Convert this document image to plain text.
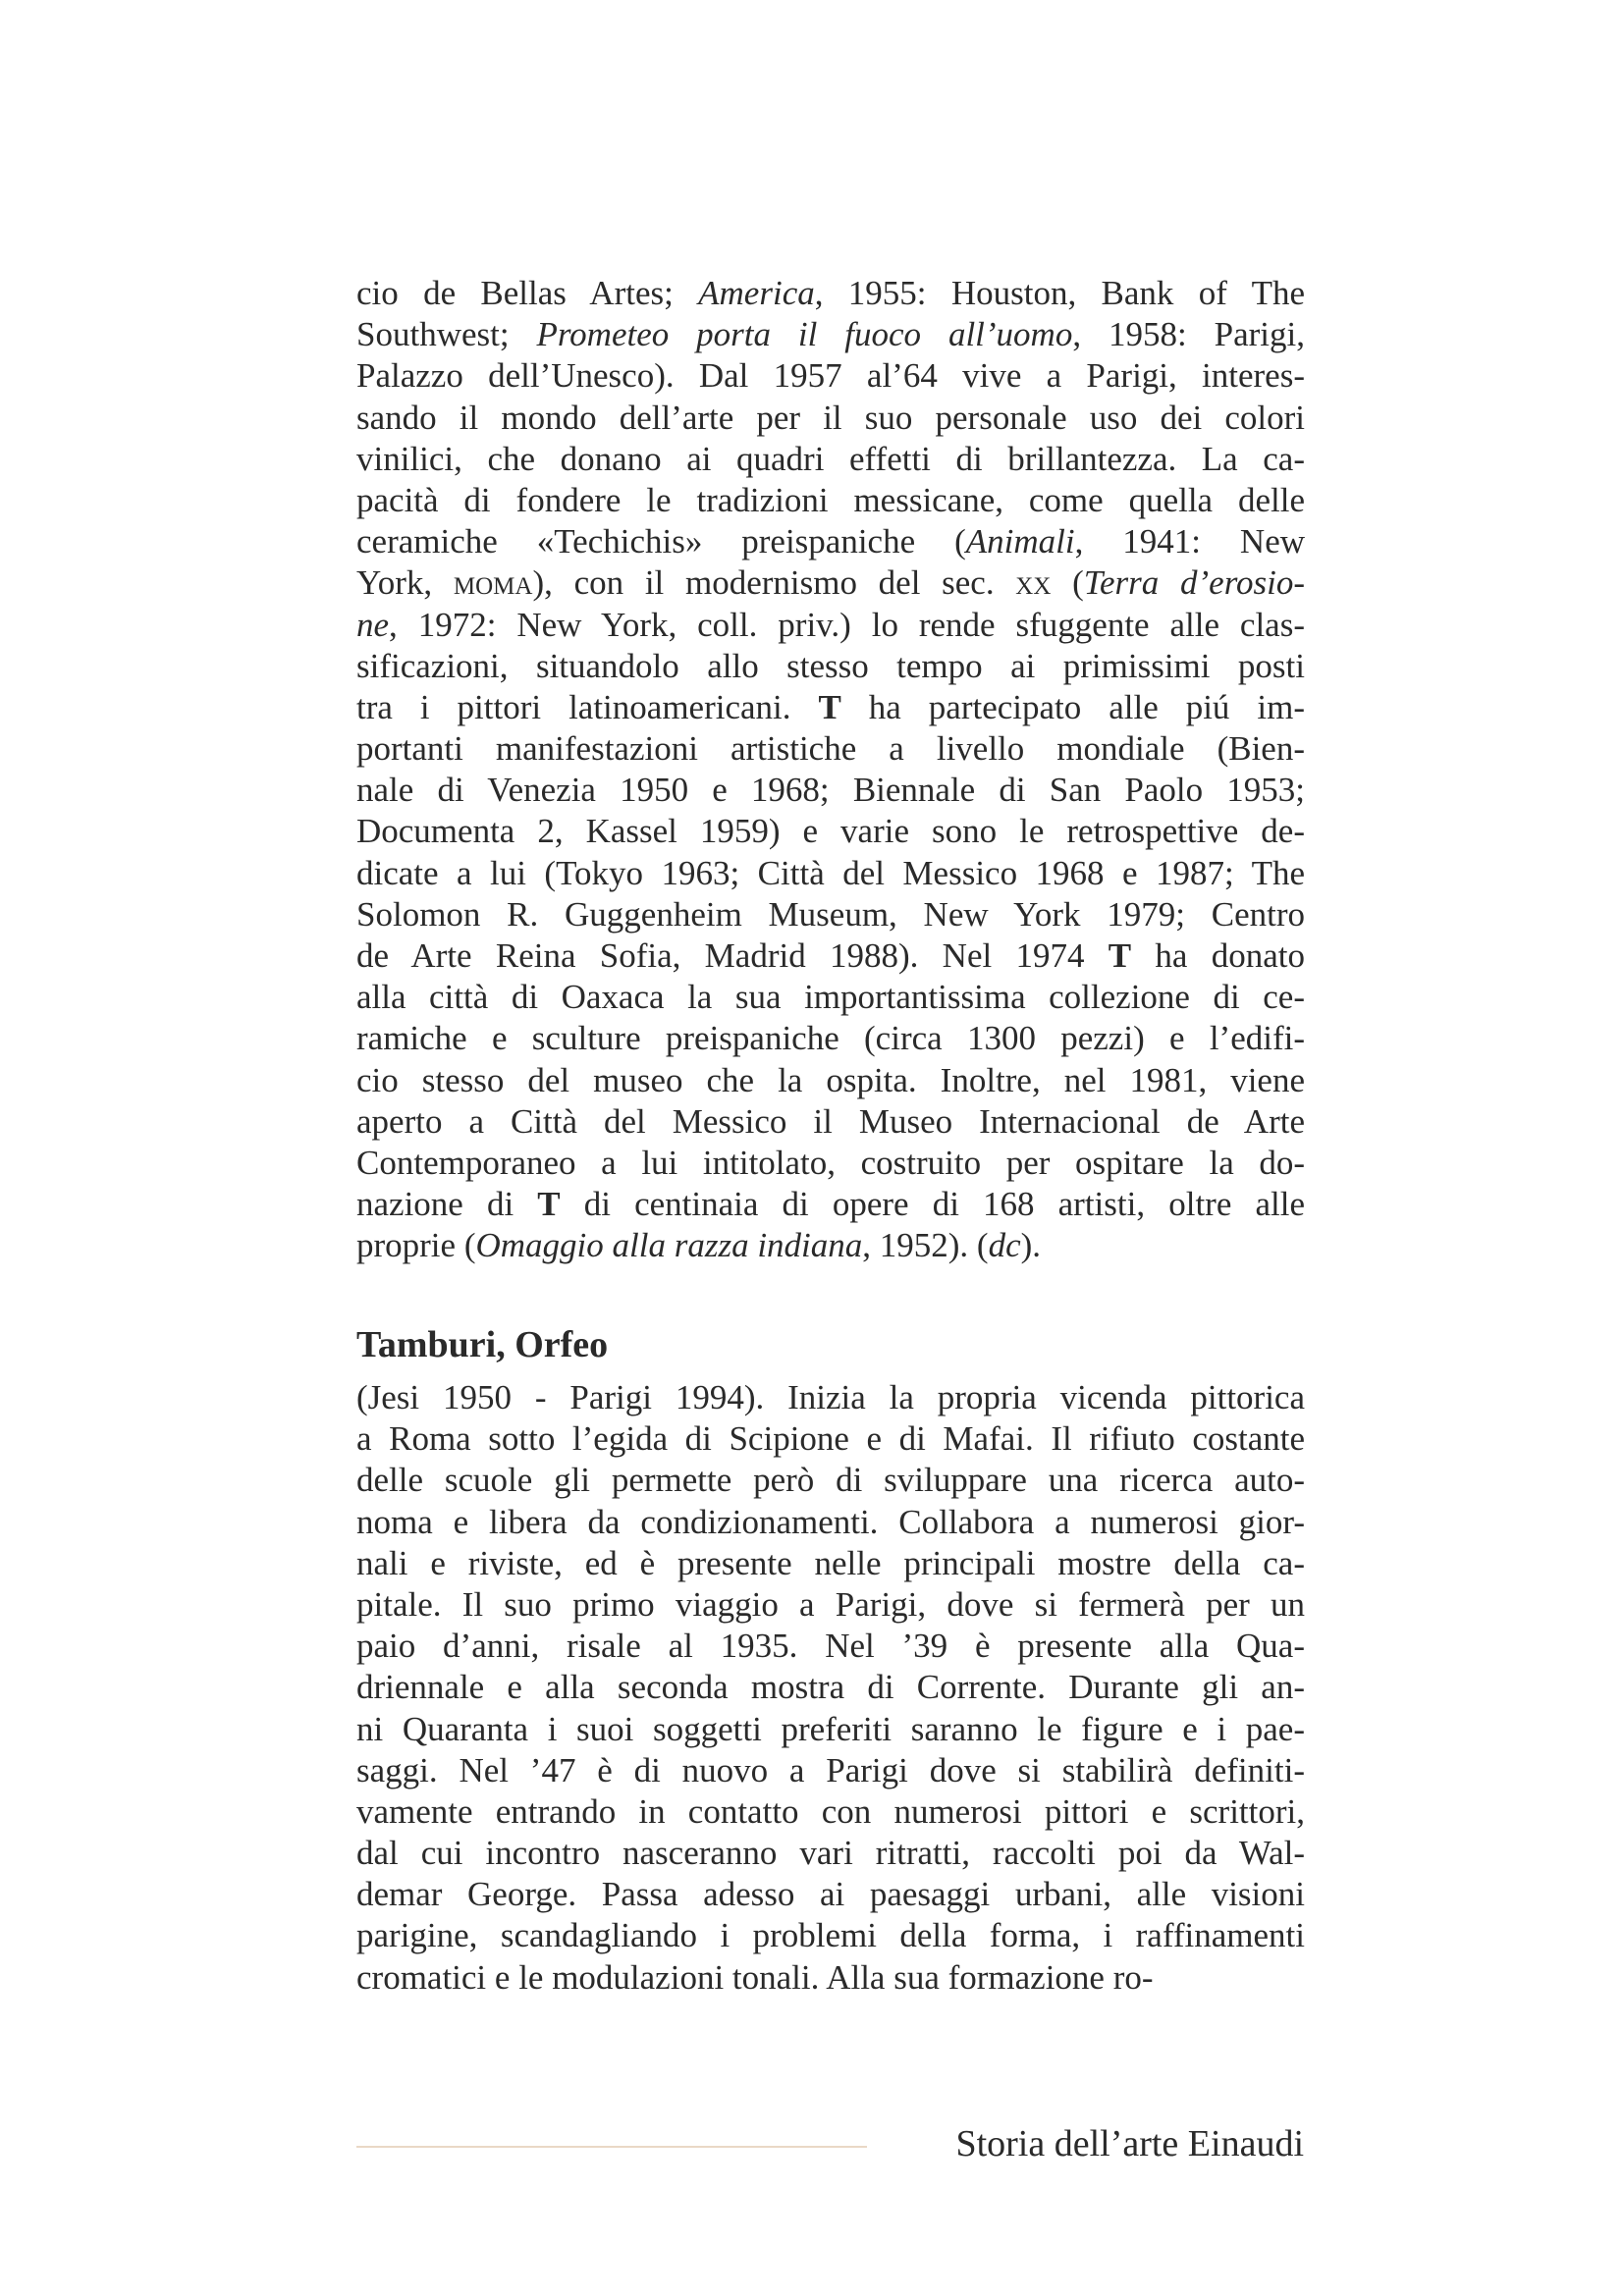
cio de Bellas Artes; America, 1955: Houston, Bank of The
Southwest; Prometeo porta il fuoco all’uomo, 1958: Parigi,
Palazzo dell’Unesco). Dal 1957 al’64 vive a Parigi, interes-
sando il mondo dell’arte per il suo personale uso dei colori
vinilici, che donano ai quadri effetti di brillantezza. La ca-
pacità di fondere le tradizioni messicane, come quella delle
ceramiche «Techichis» preispaniche (Animali, 1941: New
York, moma), con il modernismo del sec. xx (Terra d’erosio-
ne, 1972: New York, coll. priv.) lo rende sfuggente alle clas-
sificazioni, situandolo allo stesso tempo ai primissimi posti
tra i pittori latinoamericani. T ha partecipato alle piú im-
portanti manifestazioni artistiche a livello mondiale (Bien-
nale di Venezia 1950 e 1968; Biennale di San Paolo 1953;
Documenta 2, Kassel 1959) e varie sono le retrospettive de-
dicate a lui (Tokyo 1963; Città del Messico 1968 e 1987; The
Solomon R. Guggenheim Museum, New York 1979; Centro
de Arte Reina Sofia, Madrid 1988). Nel 1974 T ha donato
alla città di Oaxaca la sua importantissima collezione di ce-
ramiche e sculture preispaniche (circa 1300 pezzi) e l’edifi-
cio stesso del museo che la ospita. Inoltre, nel 1981, viene
aperto a Città del Messico il Museo Internacional de Arte
Contemporaneo a lui intitolato, costruito per ospitare la do-
nazione di T di centinaia di opere di 168 artisti, oltre alle
proprie (Omaggio alla razza indiana, 1952). (dc).
Tamburi, Orfeo
(Jesi 1950 - Parigi 1994). Inizia la propria vicenda pittorica
a Roma sotto l’egida di Scipione e di Mafai. Il rifiuto costante
delle scuole gli permette però di sviluppare una ricerca auto-
noma e libera da condizionamenti. Collabora a numerosi gior-
nali e riviste, ed è presente nelle principali mostre della ca-
pitale. Il suo primo viaggio a Parigi, dove si fermerà per un
paio d’anni, risale al 1935. Nel ’39 è presente alla Qua-
driennale e alla seconda mostra di Corrente. Durante gli an-
ni Quaranta i suoi soggetti preferiti saranno le figure e i pae-
saggi. Nel ’47 è di nuovo a Parigi dove si stabilirà definiti-
vamente entrando in contatto con numerosi pittori e scrittori,
dal cui incontro nasceranno vari ritratti, raccolti poi da Wal-
demar George. Passa adesso ai paesaggi urbani, alle visioni
parigine, scandagliando i problemi della forma, i raffinamenti
cromatici e le modulazioni tonali. Alla sua formazione ro-
Storia dell’arte Einaudi
